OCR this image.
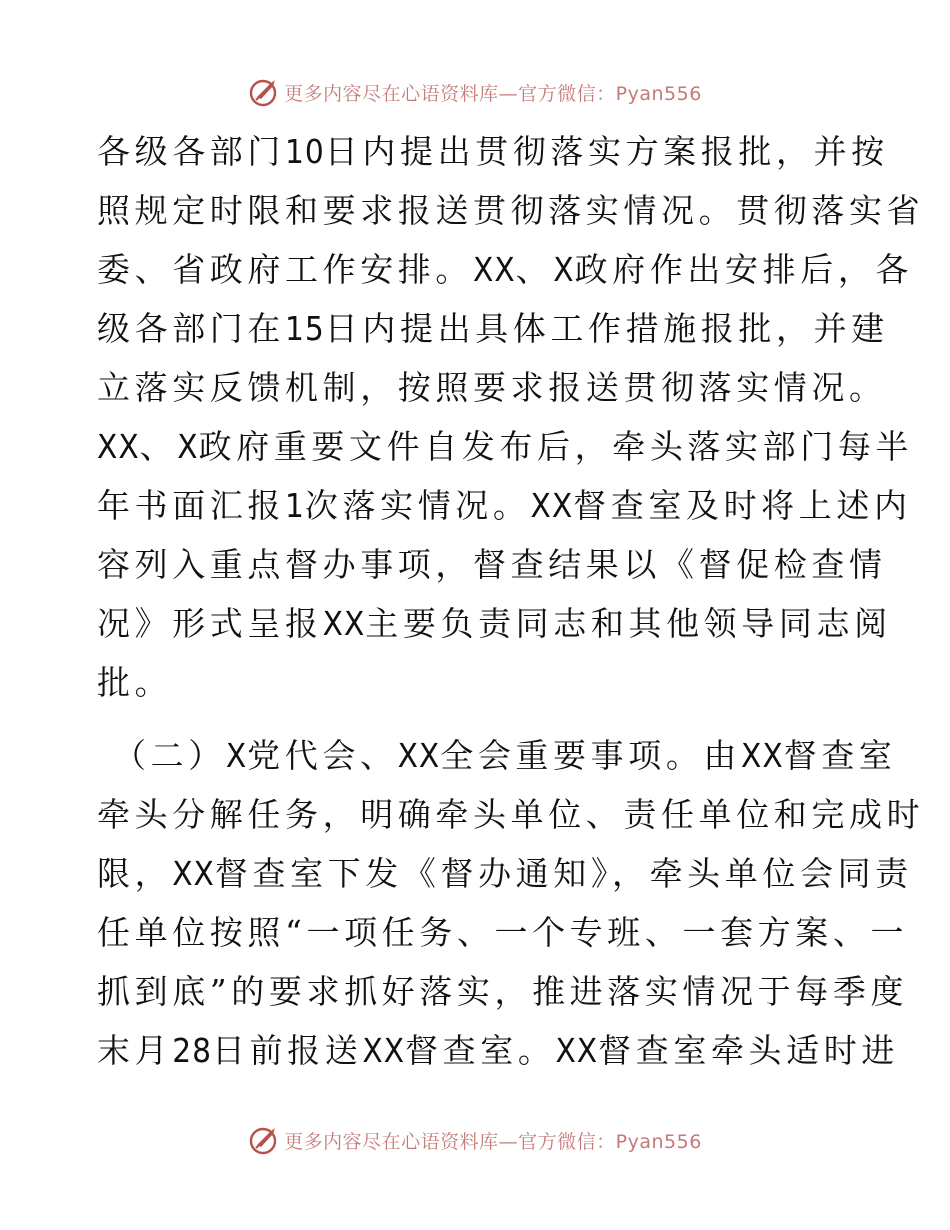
更多内容尽在心语资料库—官方微信：Pyan556
各级各部门10日内提出贯彻落实方案报批，并按
照规定时限和要求报送贯彻落实情况。贯彻落实省
委、省政府工作安排。XX、X政府作出安排后，各
级各部门在15日内提出具体工作措施报批，并建
立落实反馈机制，按照要求报送贯彻落实情况。
XX、X政府重要文件自发布后，牵头落实部门每半
年书面汇报1次落实情况。XX督查室及时将上述内
容列入重点督办事项，督查结果以《督促检查情
况》形式呈报XX主要负责同志和其他领导同志阅
批。
（二）X党代会、XX全会重要事项。由XX督查室
牵头分解任务，明确牵头单位、责任单位和完成时
限，XX督查室下发《督办通知》，牵头单位会同责
任单位按照“一项任务、一个专班、一套方案、一
抓到底”的要求抓好落实，推进落实情况于每季度
末月28日前报送XX督查室。XX督查室牵头适时进
更多内容尽在心语资料库—官方微信：Pyan556
